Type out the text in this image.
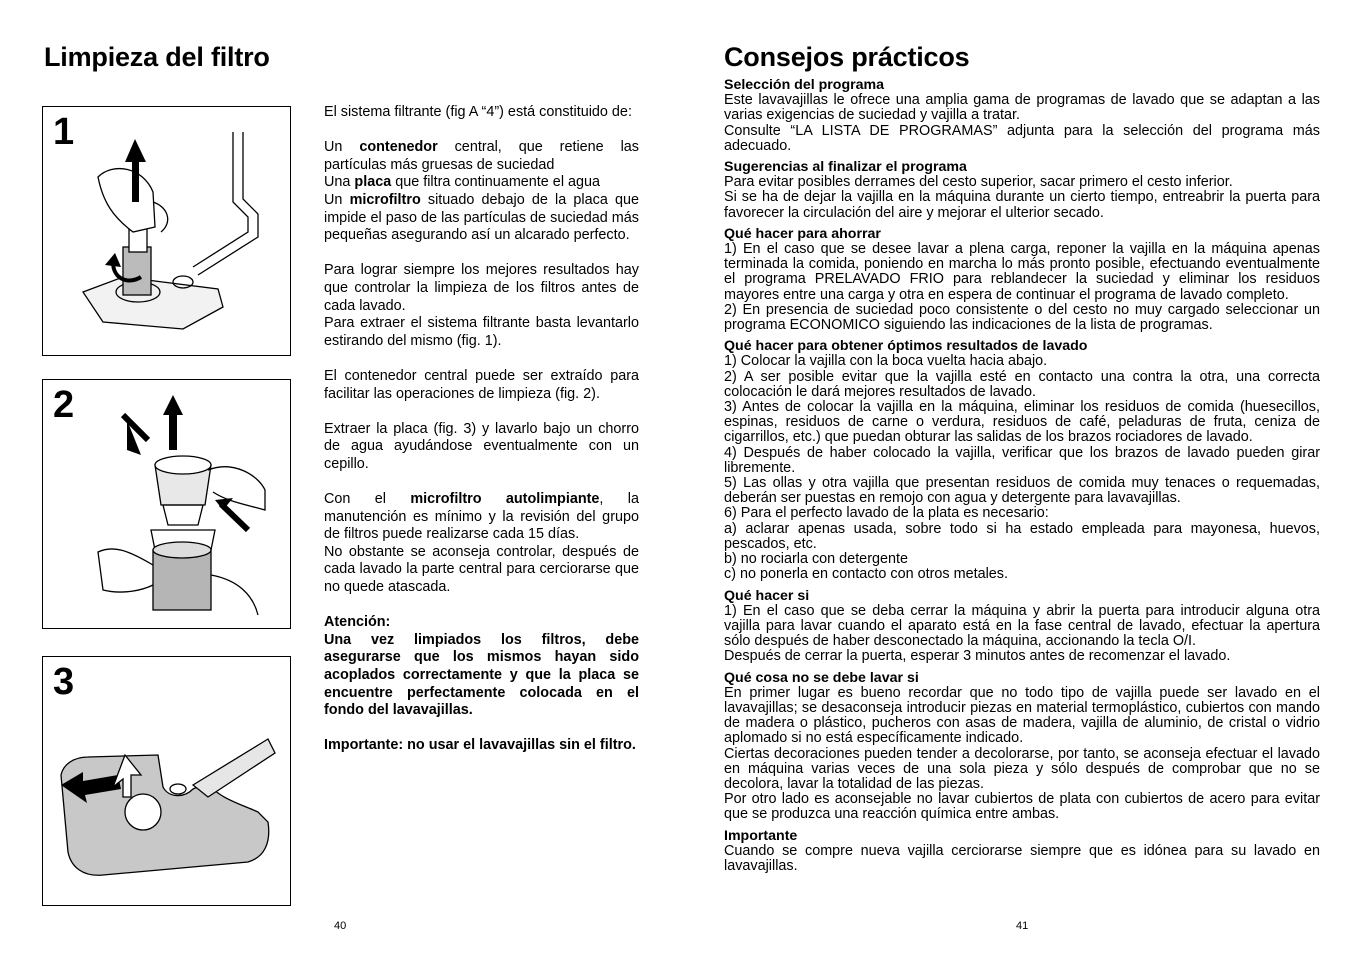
Limpieza del filtro
1
2
3

El sistema filtrante (fig A “4”) está constituido de:

Un contenedor central, que retiene las partículas más gruesas de suciedad

Una placa que filtra continuamente el agua

Un microfiltro situado debajo de la placa que impide el paso de las partículas de suciedad más pequeñas asegurando así un alcarado perfecto.

Para lograr siempre los mejores resultados hay que controlar la limpieza de los filtros antes de cada lavado.

Para extraer el sistema filtrante basta levantarlo estirando del mismo (fig. 1).

El contenedor central puede ser extraído para facilitar las operaciones de limpieza (fig. 2).

Extraer la placa (fig. 3) y lavarlo bajo un chorro de agua ayudándose eventualmente con un cepillo.

Con el microfiltro autolimpiante, la manutención es mínimo y la revisión del grupo de filtros puede realizarse cada 15 días.

No obstante se aconseja controlar, después de cada lavado la parte central para cerciorarse que no quede atascada.

Atención:

Una vez limpiados los filtros, debe asegurarse que los mismos hayan sido acoplados correctamente y que la placa se encuentre perfectamente colocada en el fondo del lavavajillas.

Importante: no usar el lavavajillas sin el filtro.

40
Consejos prácticos
Selección del programa

Este lavavajillas le ofrece una amplia gama de programas de lavado que se adaptan a las varias exigencias de suciedad y vajilla a tratar.

Consulte “LA LISTA DE PROGRAMAS” adjunta para la selección del programa más adecuado.

Sugerencias al finalizar el programa

Para evitar posibles derrames del cesto superior, sacar primero el cesto inferior.

Si se ha de dejar la vajilla en la máquina durante un cierto tiempo, entreabrir la puerta para favorecer la circulación del aire y mejorar el ulterior secado.

Qué hacer para ahorrar

1) En el caso que se desee lavar a plena carga, reponer la vajilla en la máquina apenas terminada la comida, poniendo en marcha lo más pronto posible, efectuando eventualmente el programa PRELAVADO FRIO para reblandecer la suciedad y eliminar los residuos mayores entre una carga y otra en espera de continuar el programa de lavado completo.

2) En presencia de suciedad poco consistente o del cesto no muy cargado seleccionar un programa ECONOMICO siguiendo las indicaciones de la lista de programas.

Qué hacer para obtener óptimos resultados de lavado

1) Colocar la vajilla con la boca vuelta hacia abajo.

2) A ser posible evitar que la vajilla esté en contacto una contra la otra, una correcta colocación le dará mejores resultados de lavado.

3) Antes de colocar la vajilla en la máquina, eliminar los residuos de comida (huesecillos, espinas, residuos de carne o verdura, residuos de café, peladuras de fruta, ceniza de cigarrillos, etc.) que puedan obturar las salidas de los brazos rociadores de lavado.

4) Después de haber colocado la vajilla, verificar que los brazos de lavado pueden girar libremente.

5) Las ollas y otra vajilla que presentan residuos de comida muy tenaces o requemadas, deberán ser puestas en remojo con agua y detergente para lavavajillas.

6) Para el perfecto lavado de la plata es necesario:

a) aclarar apenas usada, sobre todo si ha estado empleada para mayonesa, huevos, pescados, etc.

b) no rociarla con detergente

c) no ponerla en contacto con otros metales.

Qué hacer si

1) En el caso que se deba cerrar la máquina y abrir la puerta para introducir alguna otra vajilla para lavar cuando el aparato está en la fase central de lavado, efectuar la apertura sólo después de haber desconectado la máquina, accionando la tecla O/I.

Después de cerrar la puerta, esperar 3 minutos antes de recomenzar el lavado.

Qué cosa no se debe lavar si

En primer lugar es bueno recordar que no todo tipo de vajilla puede ser lavado en el lavavajillas; se desaconseja introducir piezas en material termoplástico, cubiertos con mando de madera o plástico, pucheros con asas de madera, vajilla de aluminio, de cristal o vidrio aplomado si no está específicamente indicado.

Ciertas decoraciones pueden tender a decolorarse, por tanto, se aconseja efectuar el lavado en máquina varias veces de una sola pieza y sólo después de comprobar que no se decolora, lavar la totalidad de las piezas.

Por otro lado es aconsejable no lavar cubiertos de plata con cubiertos de acero para evitar que se produzca una reacción química entre ambas.

Importante

Cuando se compre nueva vajilla cerciorarse siempre que es idónea para su lavado en lavavajillas.

41
